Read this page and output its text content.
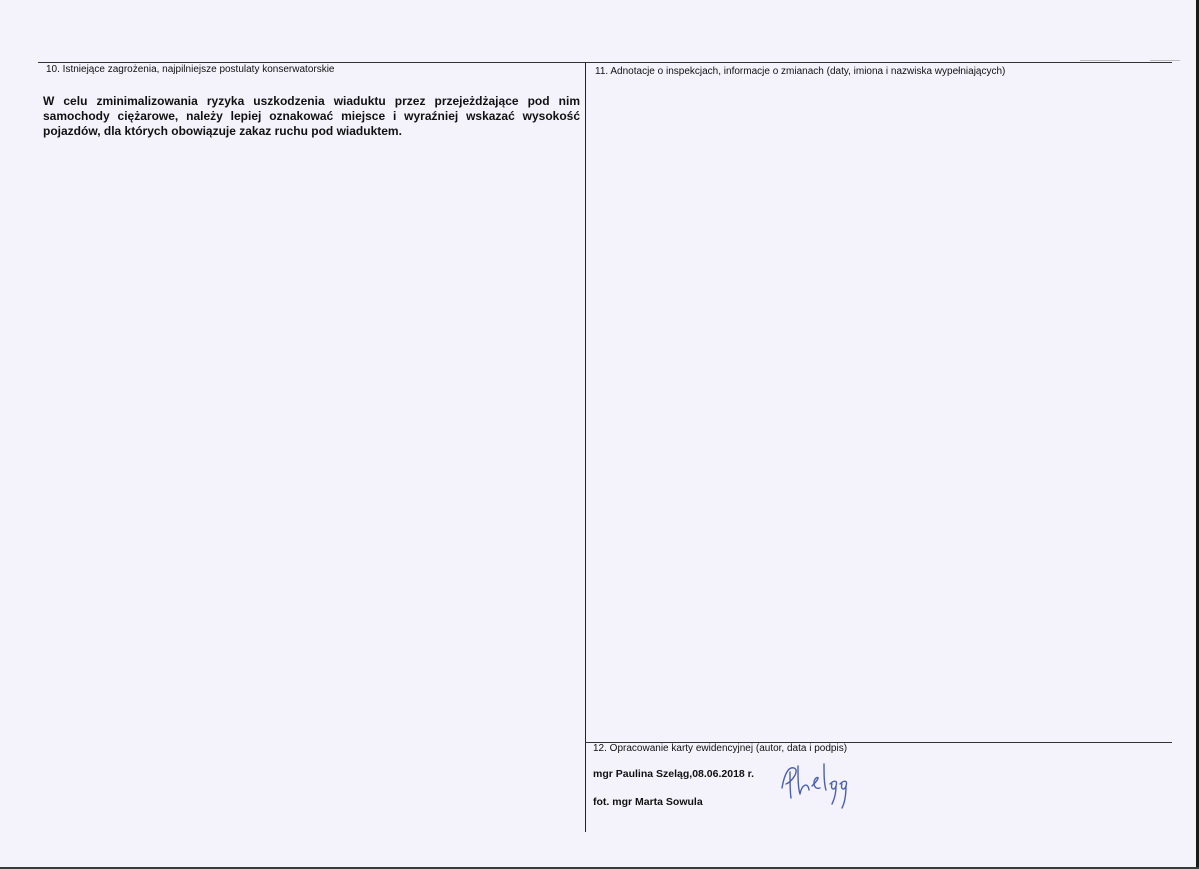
10. Istniejące zagrożenia, najpilniejsze postulaty konserwatorskie
W celu zminimalizowania ryzyka uszkodzenia wiaduktu przez przejeżdżające pod nim samochody ciężarowe, należy lepiej oznakować miejsce i wyraźniej wskazać wysokość pojazdów, dla których obowiązuje zakaz ruchu pod wiaduktem.
11. Adnotacje o inspekcjach, informacje o zmianach (daty, imiona i nazwiska wypełniających)
12. Opracowanie karty ewidencyjnej (autor, data i podpis)
mgr Paulina Szeląg,08.06.2018 r.
fot. mgr Marta Sowula
